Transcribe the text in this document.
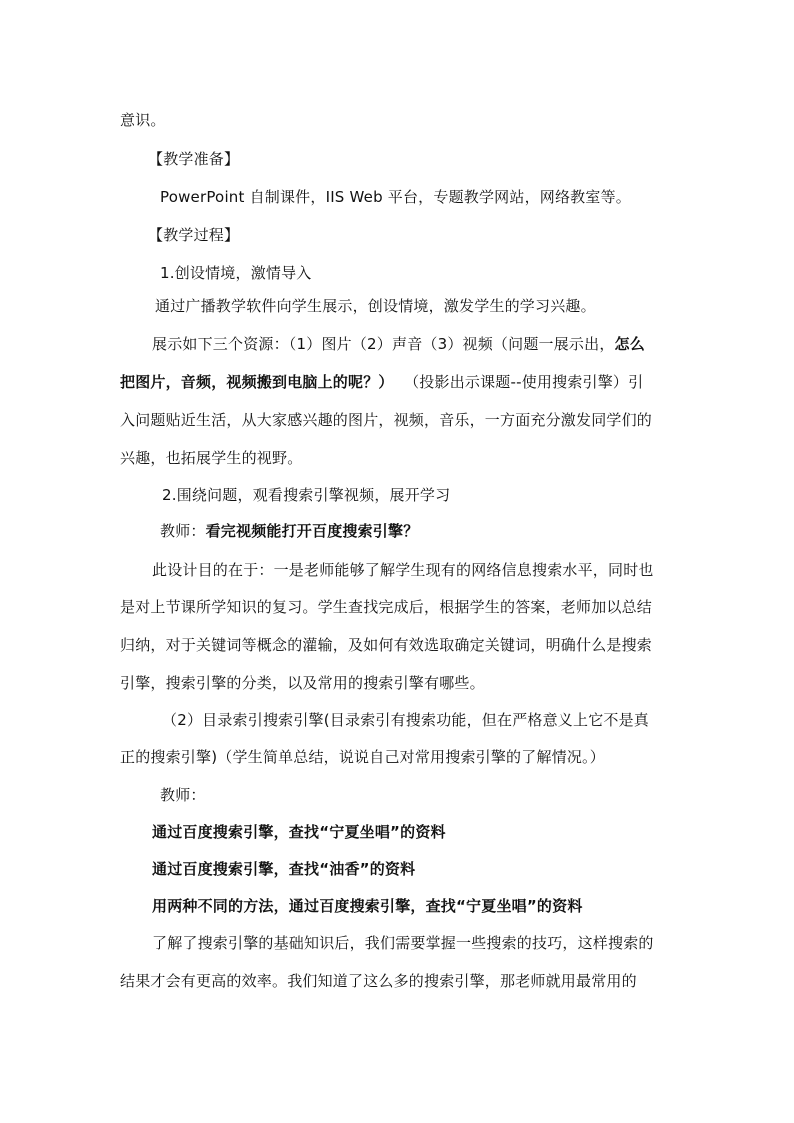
意识。
【教学准备】
PowerPoint 自制课件，IIS Web 平台，专题教学网站，网络教室等。
【教学过程】
1.创设情境，激情导入
通过广播教学软件向学生展示，创设情境，激发学生的学习兴趣。
展示如下三个资源：（1）图片（2）声音（3）视频（问题一展示出，怎么
把图片，音频，视频搬到电脑上的呢？） （投影出示课题--使用搜索引擎）引
入问题贴近生活，从大家感兴趣的图片，视频，音乐，一方面充分激发同学们的
兴趣，也拓展学生的视野。
2.围绕问题，观看搜索引擎视频，展开学习
教师：看完视频能打开百度搜索引擎？
此设计目的在于：一是老师能够了解学生现有的网络信息搜索水平，同时也
是对上节课所学知识的复习。学生查找完成后，根据学生的答案，老师加以总结
归纳，对于关键词等概念的灌输，及如何有效选取确定关键词，明确什么是搜索
引擎，搜索引擎的分类，以及常用的搜索引擎有哪些。
（2）目录索引搜索引擎(目录索引有搜索功能，但在严格意义上它不是真
正的搜索引擎)（学生简单总结，说说自己对常用搜索引擎的了解情况。）
教师：
通过百度搜索引擎，查找“宁夏坐唱”的资料
通过百度搜索引擎，查找“油香”的资料
用两种不同的方法，通过百度搜索引擎，查找“宁夏坐唱”的资料
了解了搜索引擎的基础知识后，我们需要掌握一些搜索的技巧，这样搜索的
结果才会有更高的效率。我们知道了这么多的搜索引擎，那老师就用最常用的
